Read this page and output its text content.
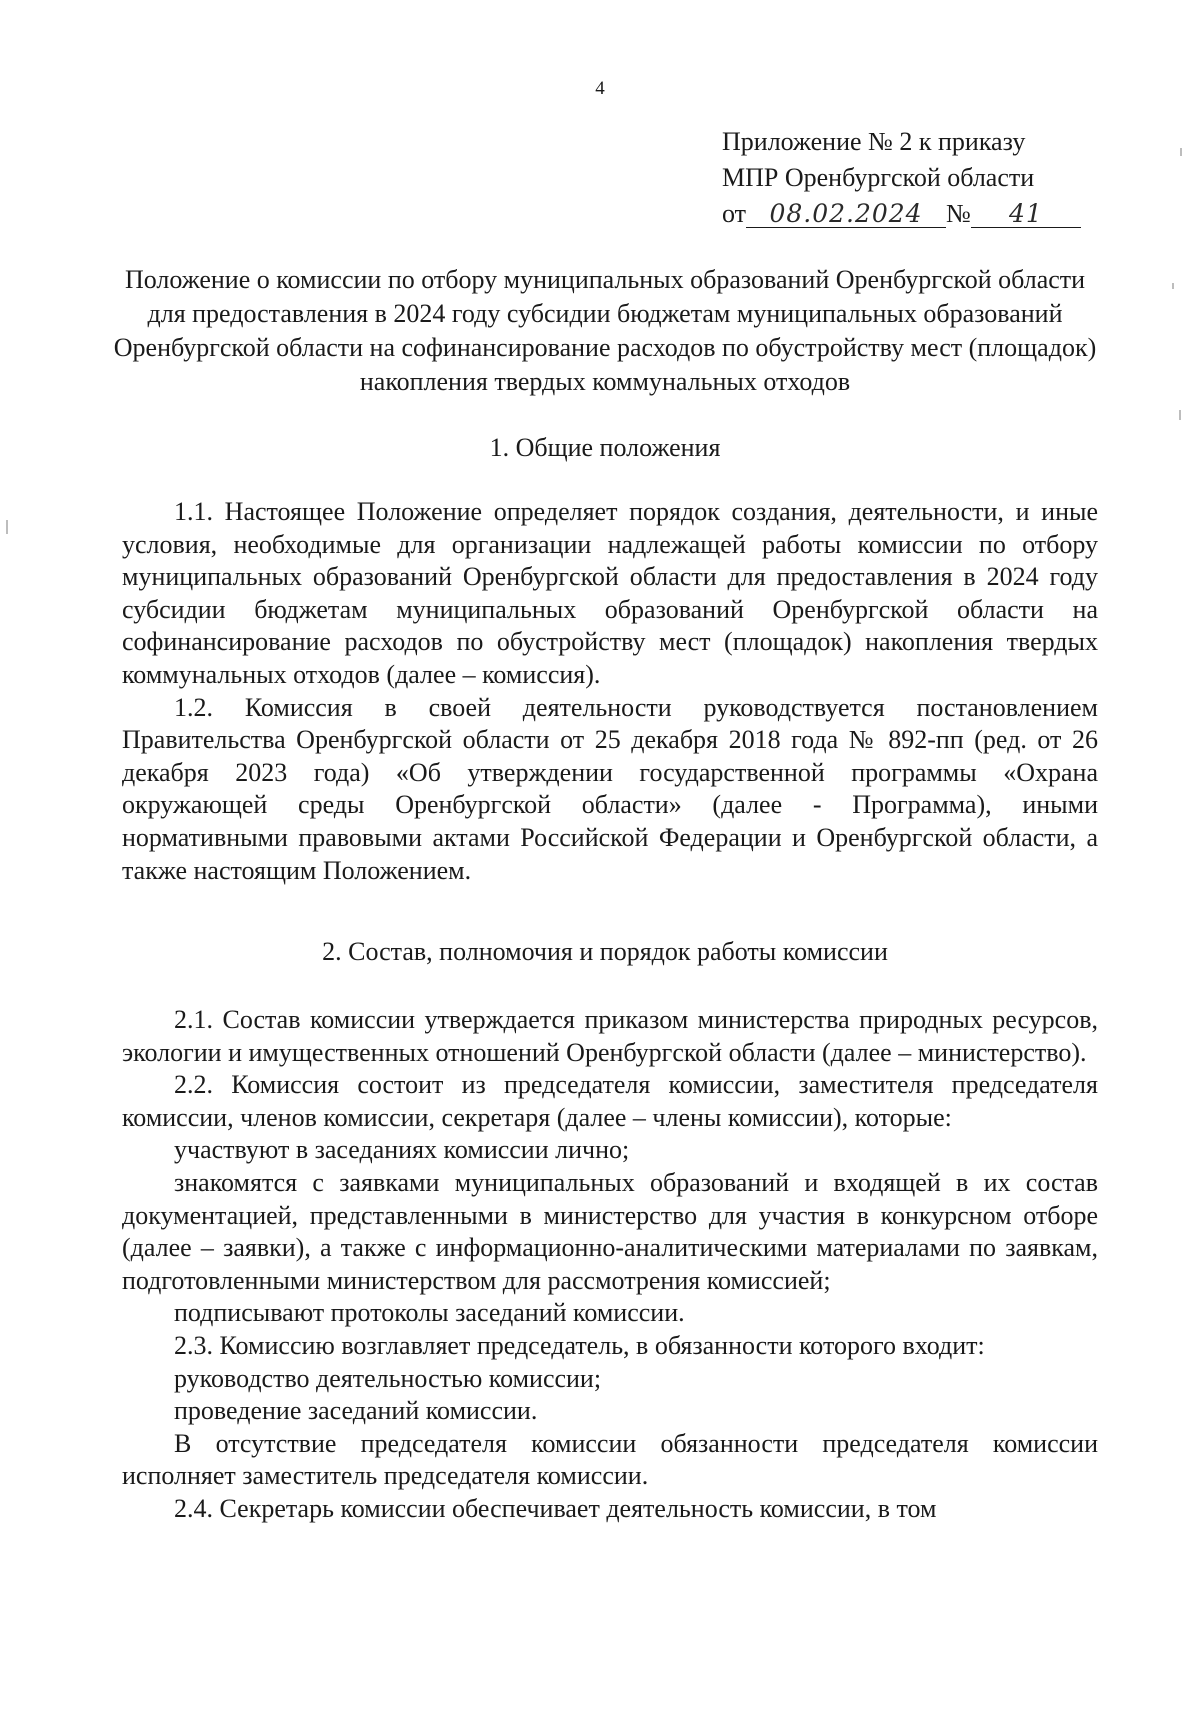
4
Приложение № 2 к приказу
МПР Оренбургской области
от 08.02.2024 № 41
Положение о комиссии по отбору муниципальных образований Оренбургской области для предоставления в 2024 году субсидии бюджетам муниципальных образований Оренбургской области на софинансирование расходов по обустройству мест (площадок) накопления твердых коммунальных отходов
1. Общие положения

1.1. Настоящее Положение определяет порядок создания, деятельности, и иные условия, необходимые для организации надлежащей работы комиссии по отбору муниципальных образований Оренбургской области для предоставления в 2024 году субсидии бюджетам муниципальных образований Оренбургской области на софинансирование расходов по обустройству мест (площадок) накопления твердых коммунальных отходов (далее – комиссия).

1.2. Комиссия в своей деятельности руководствуется постановлением Правительства Оренбургской области от 25 декабря 2018 года № 892-пп (ред. от 26 декабря 2023 года) «Об утверждении государственной программы «Охрана окружающей среды Оренбургской области» (далее - Программа), иными нормативными правовыми актами Российской Федерации и Оренбургской области, а также настоящим Положением.

2. Состав, полномочия и порядок работы комиссии

2.1. Состав комиссии утверждается приказом министерства природных ресурсов, экологии и имущественных отношений Оренбургской области (далее – министерство).

2.2. Комиссия состоит из председателя комиссии, заместителя председателя комиссии, членов комиссии, секретаря (далее – члены комиссии), которые:

участвуют в заседаниях комиссии лично;

знакомятся с заявками муниципальных образований и входящей в их состав документацией, представленными в министерство для участия в конкурсном отборе (далее – заявки), а также с информационно-аналитическими материалами по заявкам, подготовленными министерством для рассмотрения комиссией;

подписывают протоколы заседаний комиссии.

2.3. Комиссию возглавляет председатель, в обязанности которого входит:

руководство деятельностью комиссии;

проведение заседаний комиссии.

В отсутствие председателя комиссии обязанности председателя комиссии исполняет заместитель председателя комиссии.

2.4. Секретарь комиссии обеспечивает деятельность комиссии, в том
